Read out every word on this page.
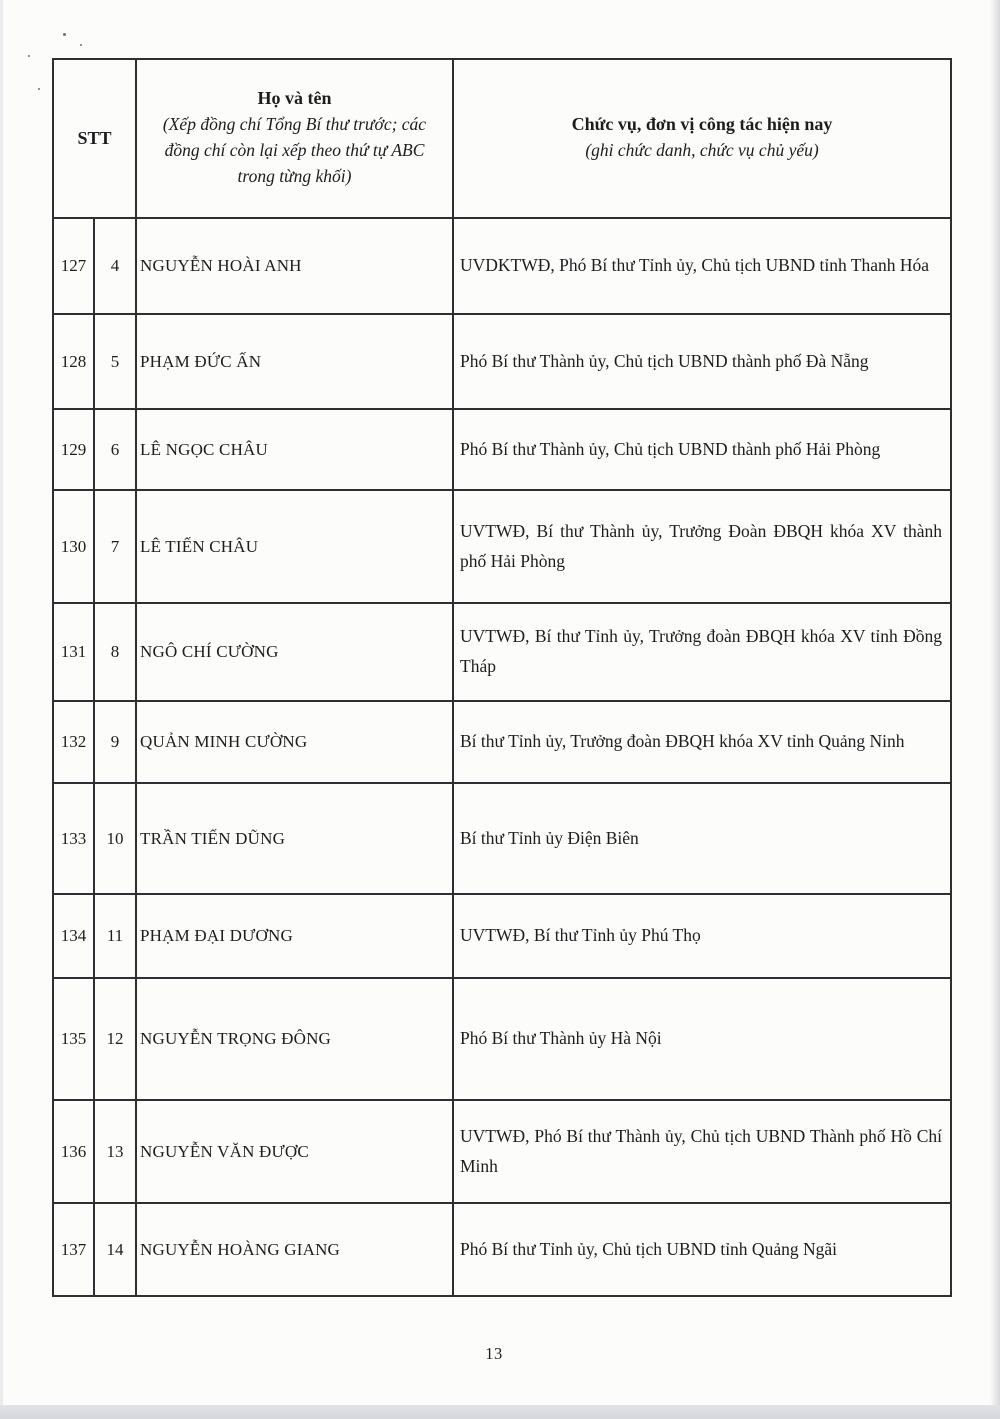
STT	
Họ và tên
(Xếp đồng chí Tổng Bí thư trước; các đồng chí còn lại xếp theo thứ tự ABC trong từng khối)

Chức vụ, đơn vị công tác hiện nay
(ghi chức danh, chức vụ chủ yếu)

127	4	NGUYỄN HOÀI ANH	UVDKTWĐ, Phó Bí thư Tỉnh ủy, Chủ tịch UBND tỉnh Thanh Hóa
128	5	PHẠM ĐỨC ẤN	Phó Bí thư Thành ủy, Chủ tịch UBND thành phố Đà Nẵng
129	6	LÊ NGỌC CHÂU	Phó Bí thư Thành ủy, Chủ tịch UBND thành phố Hải Phòng
130	7	LÊ TIẾN CHÂU	UVTWĐ, Bí thư Thành ủy, Trưởng Đoàn ĐBQH khóa XV thành phố Hải Phòng
131	8	NGÔ CHÍ CƯỜNG	UVTWĐ, Bí thư Tỉnh ủy, Trưởng đoàn ĐBQH khóa XV tỉnh Đồng Tháp
132	9	QUẢN MINH CƯỜNG	Bí thư Tỉnh ủy, Trưởng đoàn ĐBQH khóa XV tỉnh Quảng Ninh
133	10	TRẦN TIẾN DŨNG	Bí thư Tỉnh ủy Điện Biên
134	11	PHẠM ĐẠI DƯƠNG	UVTWĐ, Bí thư Tỉnh ủy Phú Thọ
135	12	NGUYỄN TRỌNG ĐÔNG	Phó Bí thư Thành ủy Hà Nội
136	13	NGUYỄN VĂN ĐƯỢC	UVTWĐ, Phó Bí thư Thành ủy, Chủ tịch UBND Thành phố Hồ Chí Minh
137	14	NGUYỄN HOÀNG GIANG	Phó Bí thư Tỉnh ủy, Chủ tịch UBND tỉnh Quảng Ngãi
13
